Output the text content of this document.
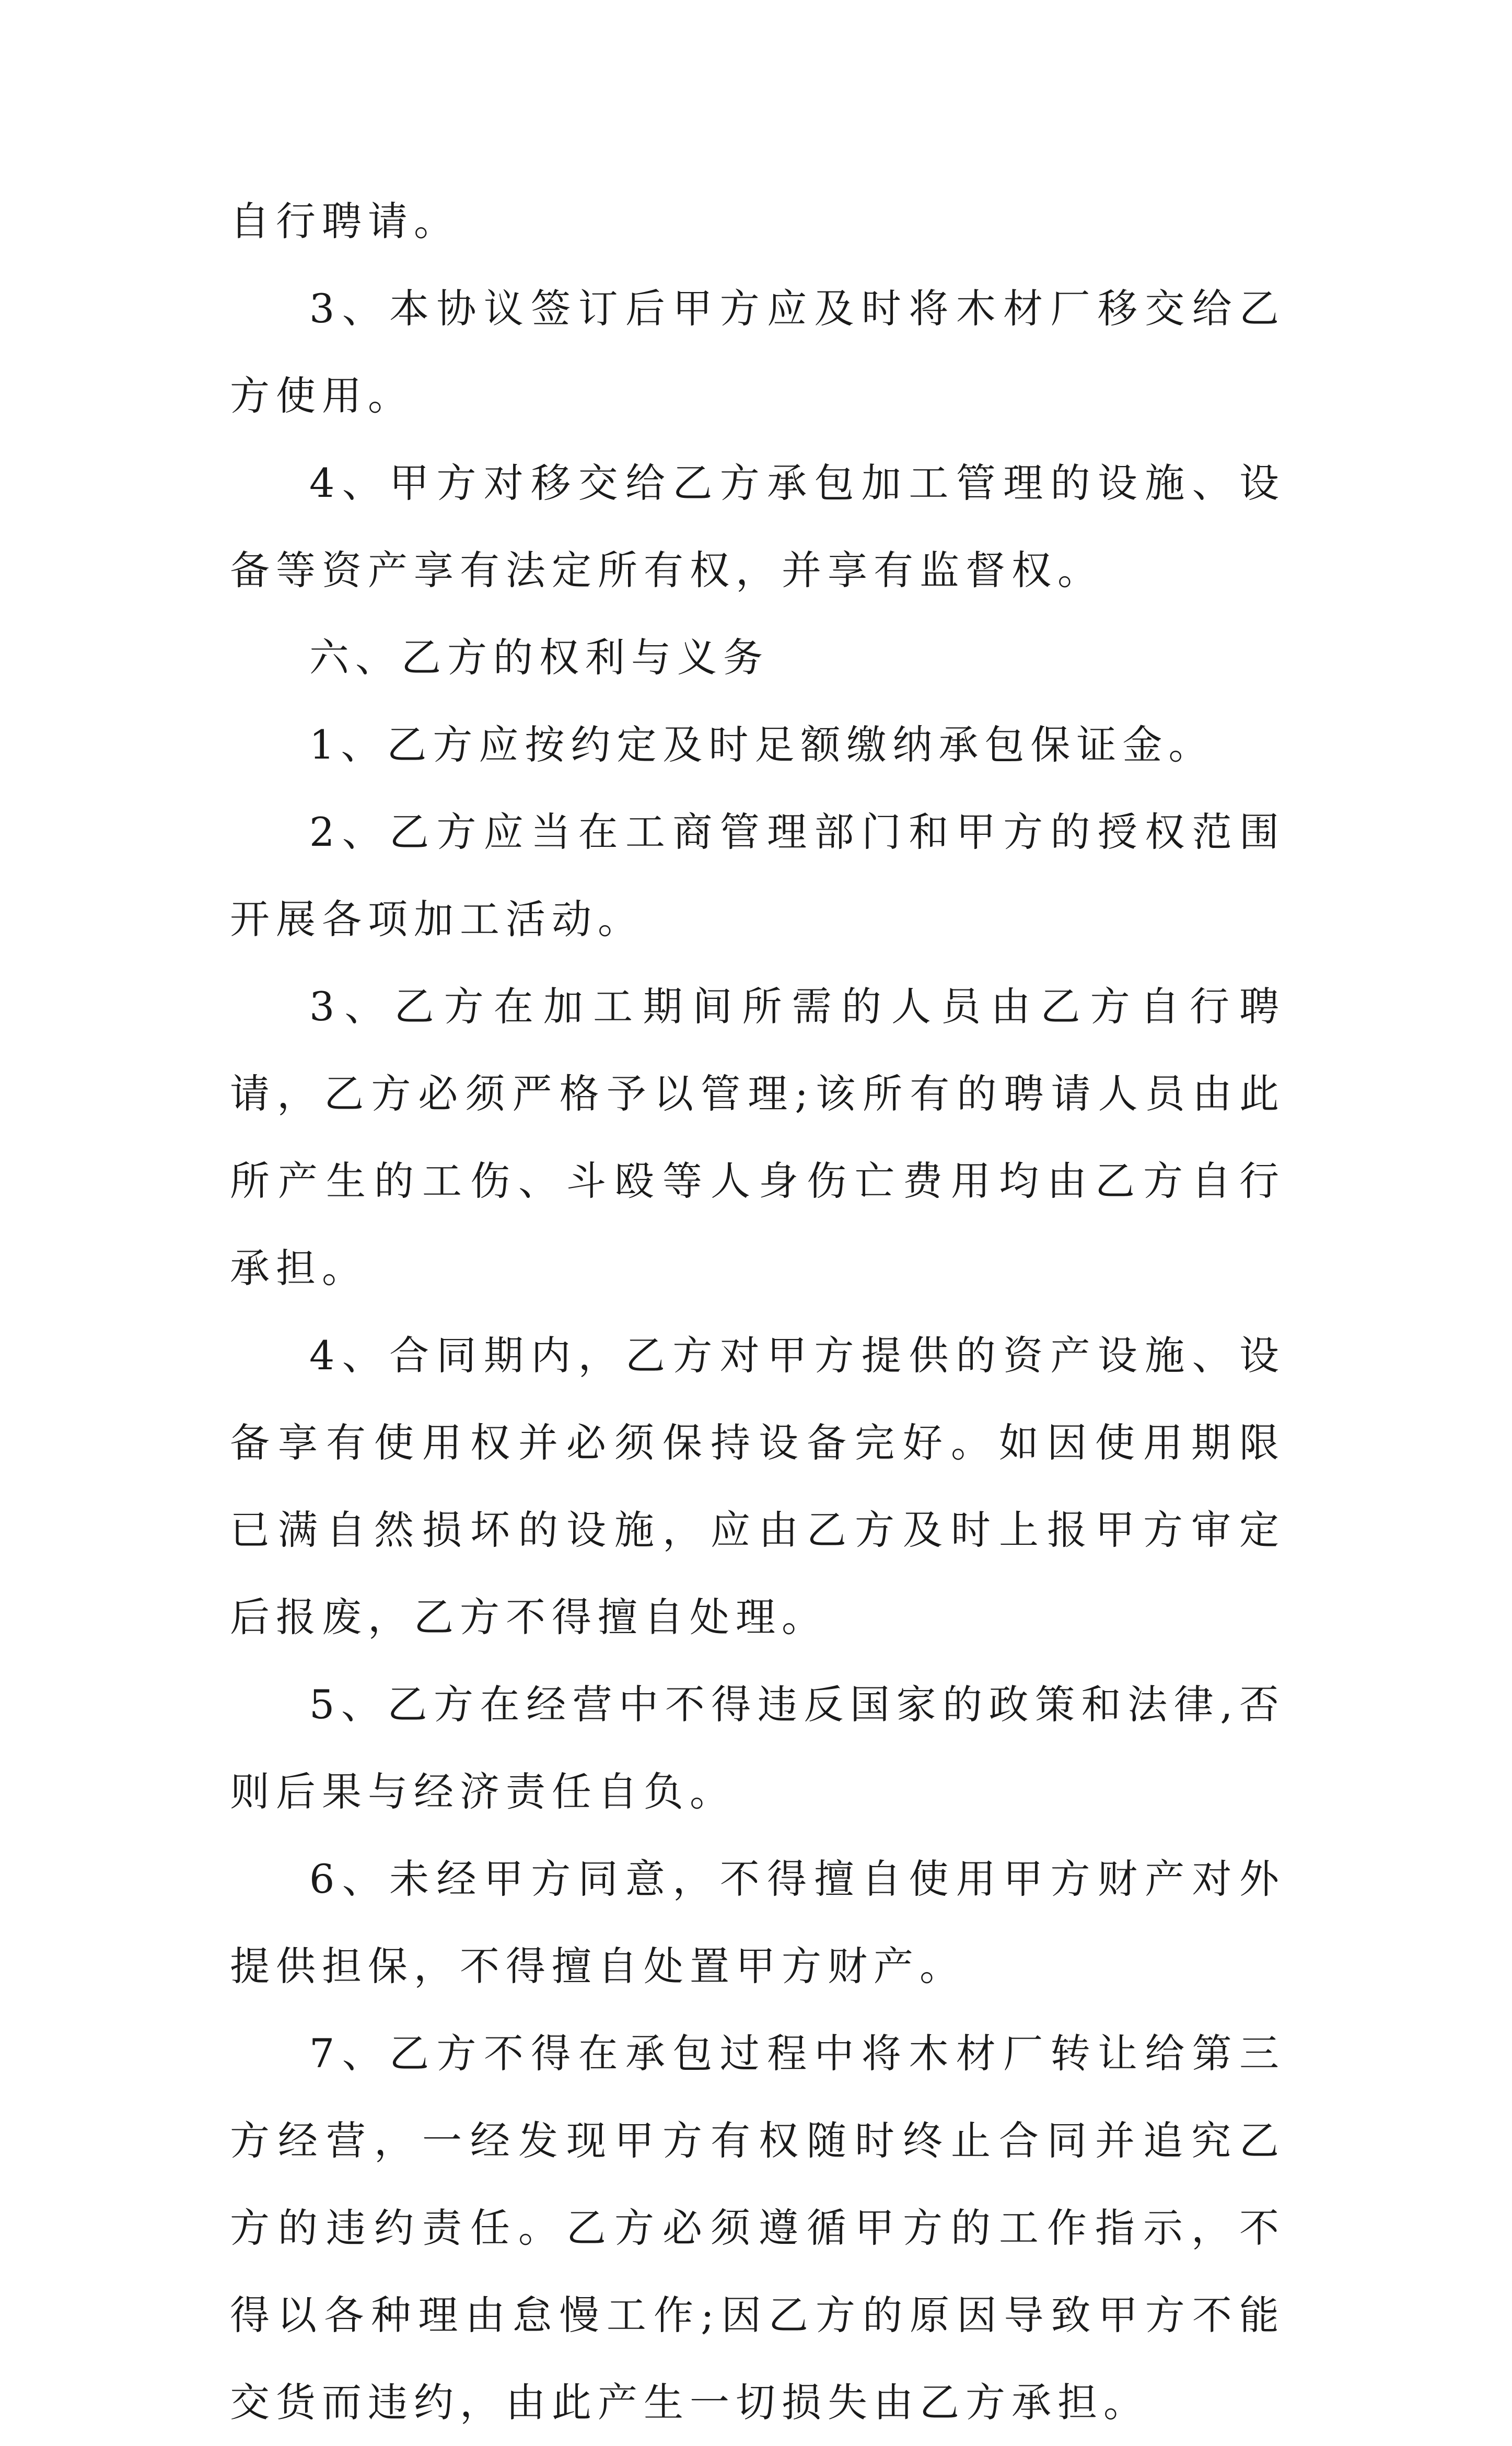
自行聘请。

3、本协议签订后甲方应及时将木材厂移交给乙方使用。

4、甲方对移交给乙方承包加工管理的设施、设备等资产享有法定所有权，并享有监督权。

六、乙方的权利与义务

1、乙方应按约定及时足额缴纳承包保证金。

2、乙方应当在工商管理部门和甲方的授权范围开展各项加工活动。

3、乙方在加工期间所需的人员由乙方自行聘请，乙方必须严格予以管理;该所有的聘请人员由此所产生的工伤、斗殴等人身伤亡费用均由乙方自行承担。

4、合同期内，乙方对甲方提供的资产设施、设备享有使用权并必须保持设备完好。如因使用期限已满自然损坏的设施，应由乙方及时上报甲方审定后报废，乙方不得擅自处理。

5、乙方在经营中不得违反国家的政策和法律,否则后果与经济责任自负。

6、未经甲方同意，不得擅自使用甲方财产对外提供担保，不得擅自处置甲方财产。

7、乙方不得在承包过程中将木材厂转让给第三方经营，一经发现甲方有权随时终止合同并追究乙方的违约责任。乙方必须遵循甲方的工作指示，不得以各种理由怠慢工作;因乙方的原因导致甲方不能交货而违约，由此产生一切损失由乙方承担。
